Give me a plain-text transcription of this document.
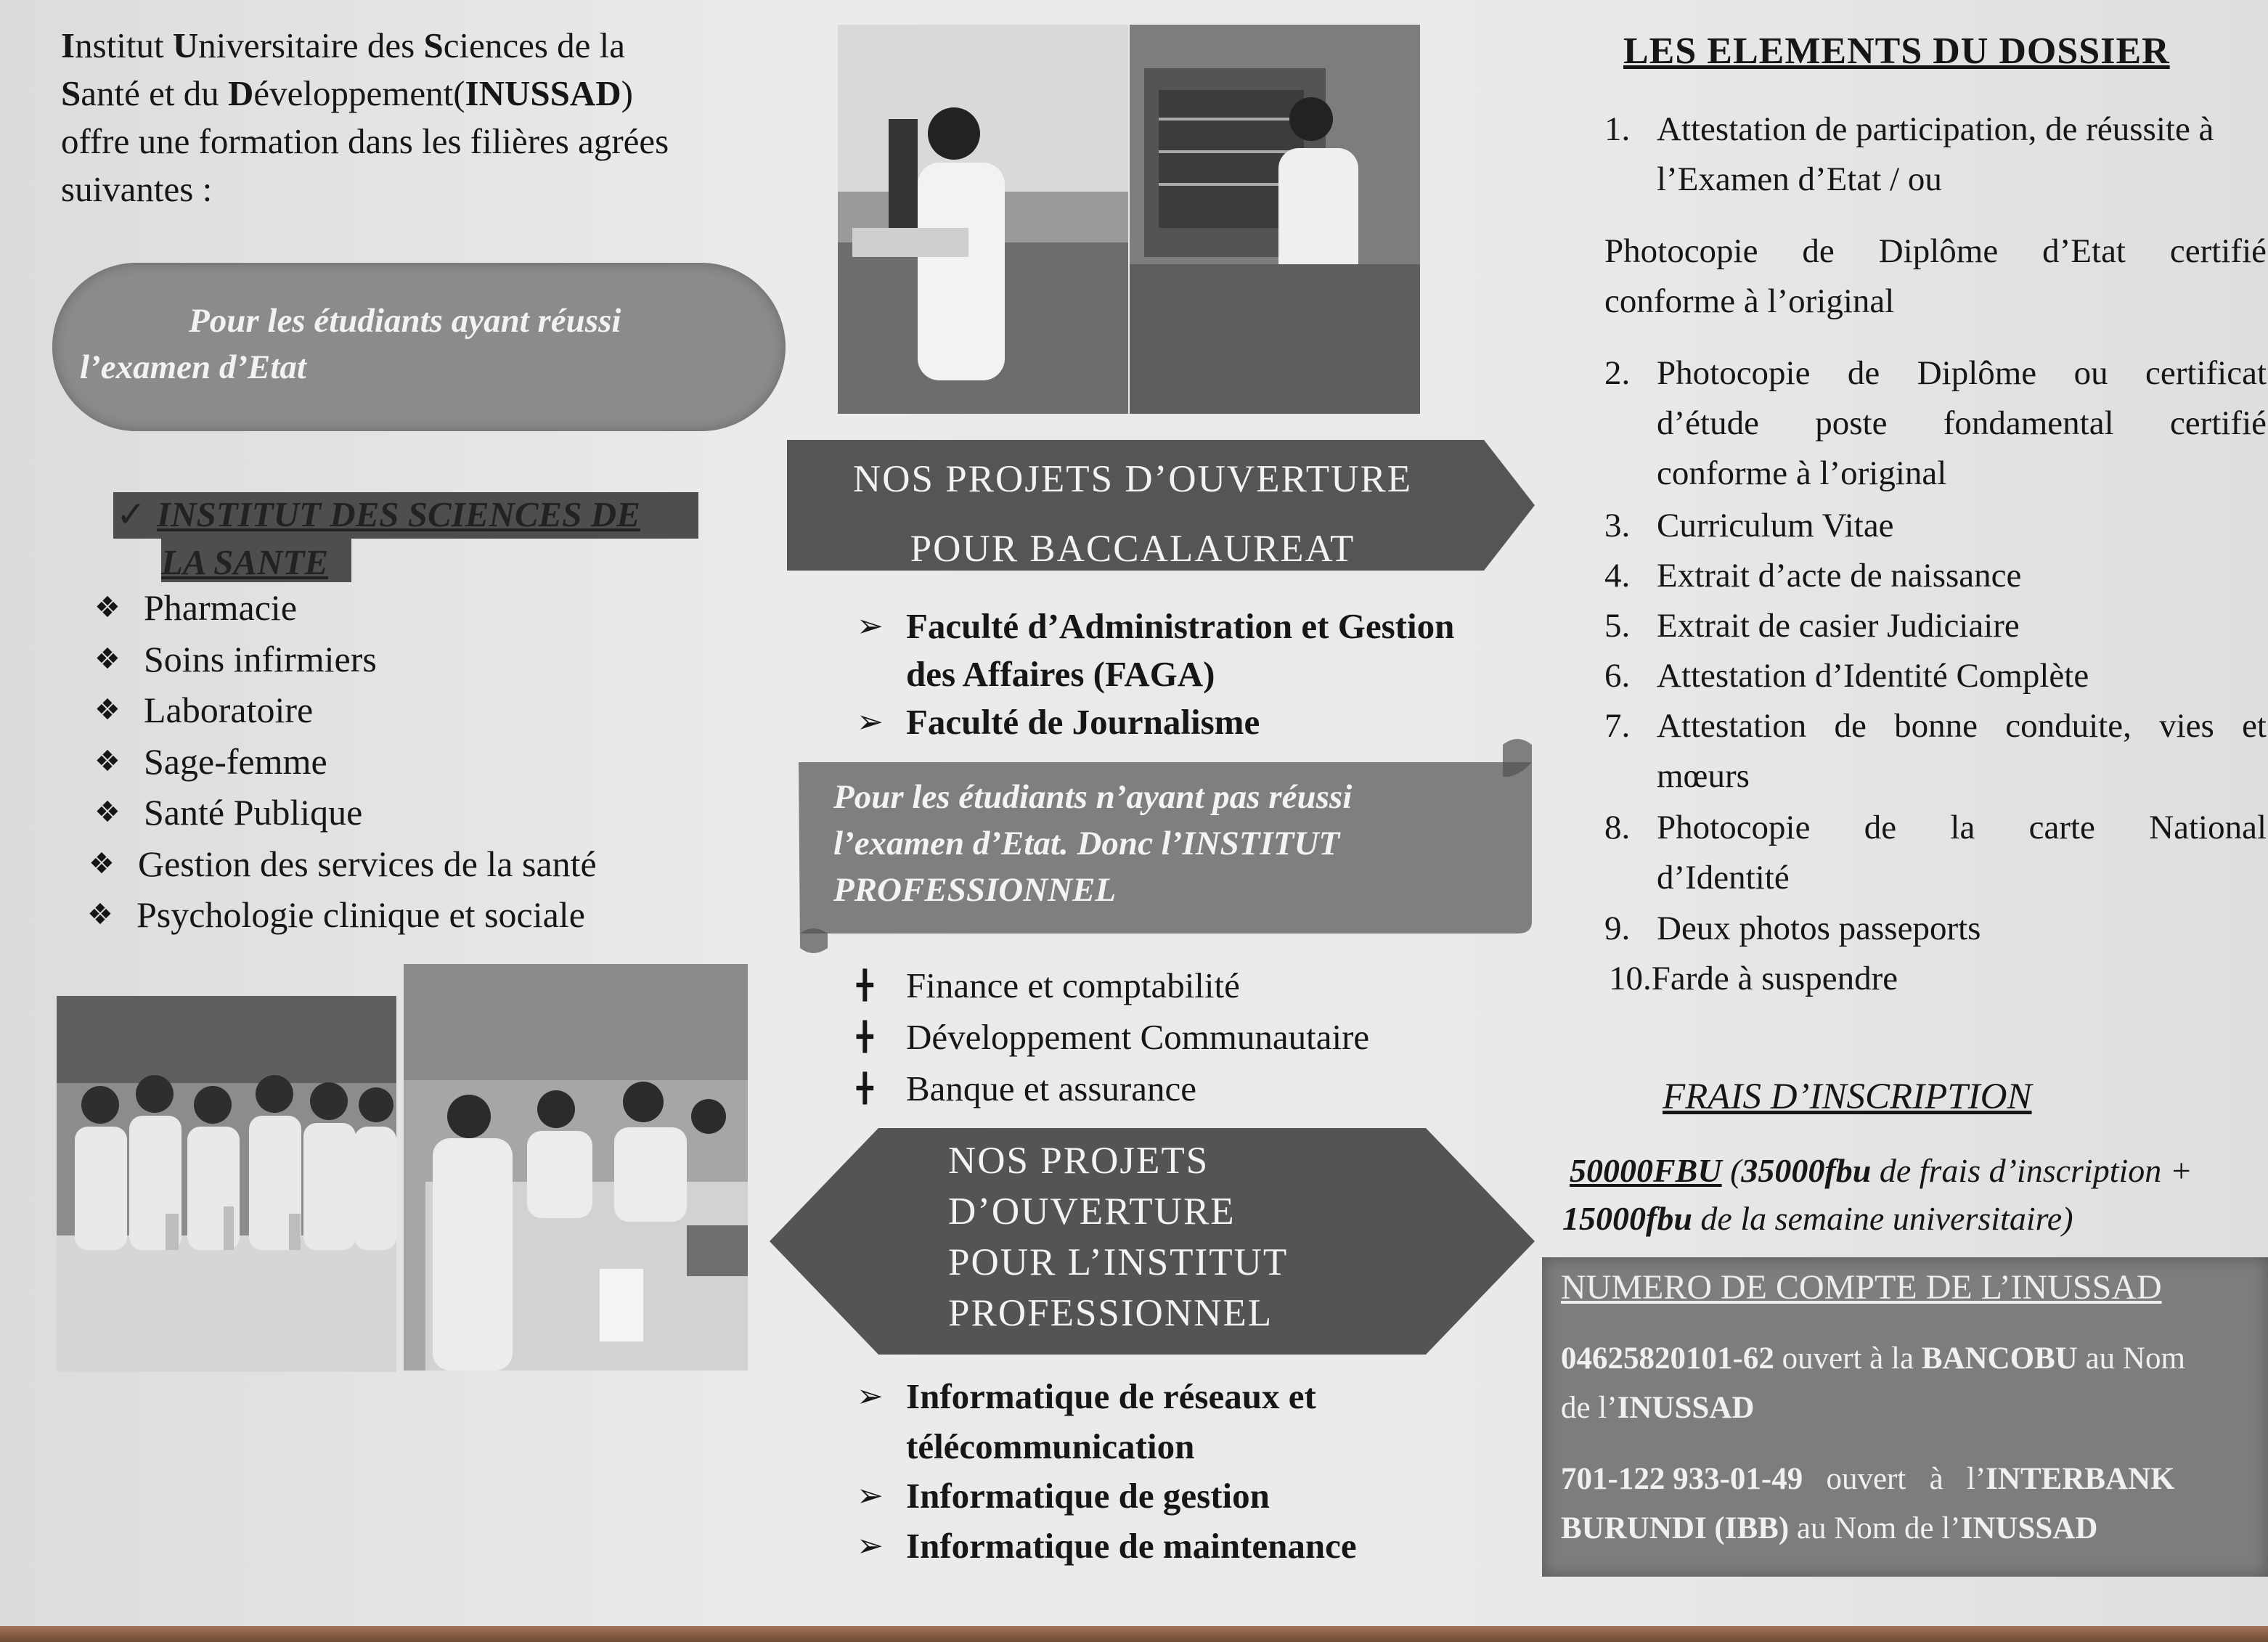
Institut Universitaire des Sciences de la
Santé et du Développement(INUSSAD)
offre une formation dans les filières agrées
suivantes :
Pour les étudiants ayant réussi
l’examen d’Etat
✓ INSTITUT DES SCIENCES DE
LA SANTE
❖ Pharmacie
❖ Soins infirmiers
❖ Laboratoire
❖ Sage-femme
❖ Santé Publique
❖ Gestion des services de la santé
❖ Psychologie clinique et sociale
NOS PROJETS D’OUVERTURE
POUR BACCALAUREAT
➢ Faculté d’Administration et Gestion
des Affaires (FAGA)
➢ Faculté de Journalisme
Pour les étudiants n’ayant pas réussi
l’examen d’Etat. Donc l’INSTITUT
PROFESSIONNEL
╋ Finance et comptabilité
╋ Développement Communautaire
╋ Banque et assurance
NOS PROJETS
D’OUVERTURE
POUR L’INSTITUT
PROFESSIONNEL
➢ Informatique de réseaux et
télécommunication
➢ Informatique de gestion
➢ Informatique de maintenance
LES ELEMENTS DU DOSSIER
1. Attestation de participation, de réussite à
l’Examen d’Etat / ou
Photocopie de Diplôme d’Etat certifié
conforme à l’original
2. Photocopie de Diplôme ou certificat
d’étude poste fondamental certifié
conforme à l’original
3. Curriculum Vitae
4. Extrait d’acte de naissance
5. Extrait de casier Judiciaire
6. Attestation d’Identité Complète
7. Attestation de bonne conduite, vies et
mœurs
8. Photocopie de la carte National
d’Identité
9. Deux photos passeports
10.Farde à suspendre
FRAIS D’INSCRIPTION
50000FBU (35000fbu de frais d’inscription +
15000fbu de la semaine universitaire)
NUMERO DE COMPTE DE L’INUSSAD
04625820101-62 ouvert à la BANCOBU au Nom
de l’INUSSAD
701-122 933-01-49   ouvert   à   l’INTERBANK
BURUNDI (IBB) au Nom de l’INUSSAD
